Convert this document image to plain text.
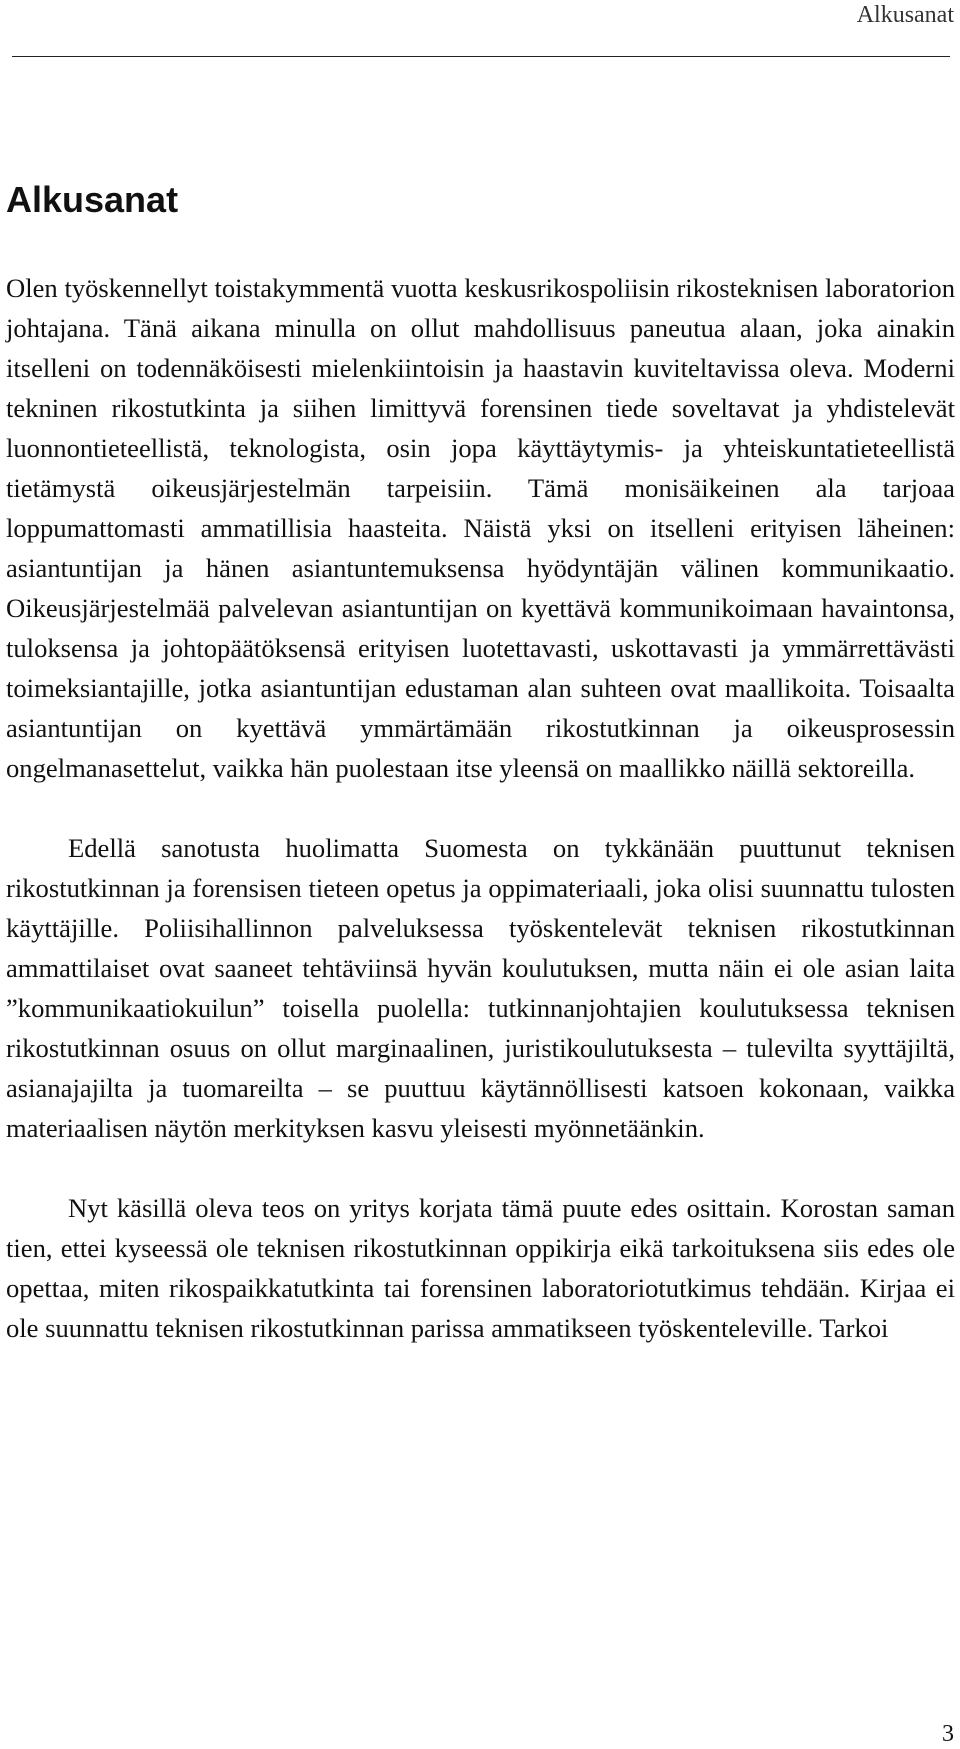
Alkusanat
Alkusanat

Olen työskennellyt toistakymmentä vuotta keskusrikospoliisin rikosteknisen laboratorion johtajana. Tänä aikana minulla on ollut mahdollisuus paneutua alaan, joka ainakin itselleni on todennäköisesti mielenkiintoisin ja haastavin kuviteltavissa oleva. Moderni tekninen rikostutkinta ja siihen limittyvä forensinen tiede soveltavat ja yhdistelevät luonnontieteellistä, teknologista, osin jopa käyttäytymis- ja yhteiskuntatieteellistä tietämystä oikeusjärjestelmän tarpeisiin. Tämä monisäikeinen ala tarjoaa loppumattomasti ammatillisia haasteita. Näistä yksi on itselleni erityisen läheinen: asiantuntijan ja hänen asiantuntemuksensa hyödyntäjän välinen kommunikaatio. Oikeusjärjestelmää palvelevan asiantuntijan on kyettävä kommunikoimaan havaintonsa, tuloksensa ja johtopäätöksensä erityisen luotettavasti, uskottavasti ja ymmärrettävästi toimeksiantajille, jotka asiantuntijan edustaman alan suhteen ovat maallikoita. Toisaalta asiantuntijan on kyettävä ymmärtämään rikostutkinnan ja oikeusprosessin ongelmanasettelut, vaikka hän puolestaan itse yleensä on maallikko näillä sektoreilla.

Edellä sanotusta huolimatta Suomesta on tykkänään puuttunut teknisen rikostutkinnan ja forensisen tieteen opetus ja oppimateriaali, joka olisi suunnattu tulosten käyttäjille. Poliisihallinnon palveluksessa työskentelevät teknisen rikostutkinnan ammattilaiset ovat saaneet tehtäviinsä hyvän koulutuksen, mutta näin ei ole asian laita ”kommunikaatiokuilun” toisella puolella: tutkinnanjohtajien koulutuksessa teknisen rikostutkinnan osuus on ollut marginaalinen, juristikoulutuksesta – tulevilta syyttäjiltä, asianajajilta ja tuomareilta – se puuttuu käytännöllisesti katsoen kokonaan, vaikka materiaalisen näytön merkityksen kasvu yleisesti myönnetäänkin.

Nyt käsillä oleva teos on yritys korjata tämä puute edes osittain. Korostan saman tien, ettei kyseessä ole teknisen rikostutkinnan oppikirja eikä tarkoituksena siis edes ole opettaa, miten rikospaikkatutkinta tai forensinen laboratoriotutkimus tehdään. Kirjaa ei ole suunnattu teknisen rikostutkinnan parissa ammatikseen työskenteleville. Tarkoi

3
